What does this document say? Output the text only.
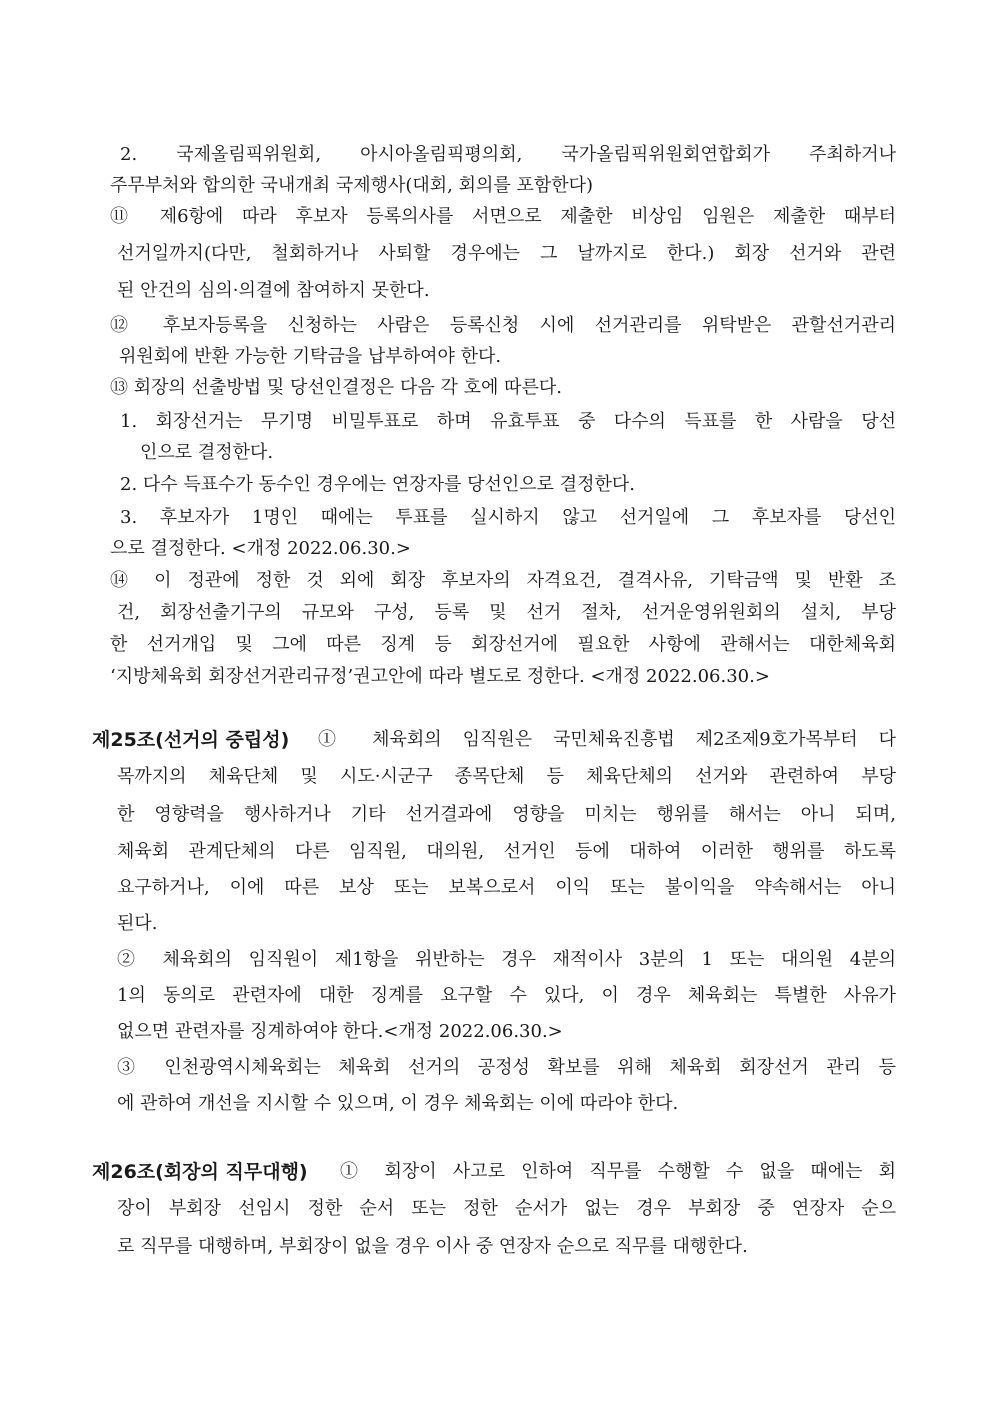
2. 국제올림픽위원회, 아시아올림픽평의회, 국가올림픽위원회연합회가 주최하거나
주무부처와 합의한 국내개최 국제행사(대회, 회의를 포함한다)
⑪ 제6항에 따라 후보자 등록의사를 서면으로 제출한 비상임 임원은 제출한 때부터
선거일까지(다만, 철회하거나 사퇴할 경우에는 그 날까지로 한다.) 회장 선거와 관련
된 안건의 심의·의결에 참여하지 못한다.
⑫ 후보자등록을 신청하는 사람은 등록신청 시에 선거관리를 위탁받은 관할선거관리
위원회에 반환 가능한 기탁금을 납부하여야 한다.
⑬ 회장의 선출방법 및 당선인결정은 다음 각 호에 따른다.
1. 회장선거는 무기명 비밀투표로 하며 유효투표 중 다수의 득표를 한 사람을 당선
인으로 결정한다.
2. 다수 득표수가 동수인 경우에는 연장자를 당선인으로 결정한다.
3. 후보자가 1명인 때에는 투표를 실시하지 않고 선거일에 그 후보자를 당선인
으로 결정한다. <개정 2022.06.30.>
⑭ 이 정관에 정한 것 외에 회장 후보자의 자격요건, 결격사유, 기탁금액 및 반환 조
건, 회장선출기구의 규모와 구성, 등록 및 선거 절차, 선거운영위원회의 설치, 부당
한 선거개입 및 그에 따른 징계 등 회장선거에 필요한 사항에 관해서는 대한체육회
‘지방체육회 회장선거관리규정’권고안에 따라 별도로 정한다. <개정 2022.06.30.>
제25조(선거의 중립성) ① 체육회의 임직원은 국민체육진흥법 제2조제9호가목부터 다
목까지의 체육단체 및 시도·시군구 종목단체 등 체육단체의 선거와 관련하여 부당
한 영향력을 행사하거나 기타 선거결과에 영향을 미치는 행위를 해서는 아니 되며,
체육회 관계단체의 다른 임직원, 대의원, 선거인 등에 대하여 이러한 행위를 하도록
요구하거나, 이에 따른 보상 또는 보복으로서 이익 또는 불이익을 약속해서는 아니
된다.
② 체육회의 임직원이 제1항을 위반하는 경우 재적이사 3분의 1 또는 대의원 4분의
1의 동의로 관련자에 대한 징계를 요구할 수 있다, 이 경우 체육회는 특별한 사유가
없으면 관련자를 징계하여야 한다.<개정 2022.06.30.>
③ 인천광역시체육회는 체육회 선거의 공정성 확보를 위해 체육회 회장선거 관리 등
에 관하여 개선을 지시할 수 있으며, 이 경우 체육회는 이에 따라야 한다.
제26조(회장의 직무대행) ① 회장이 사고로 인하여 직무를 수행할 수 없을 때에는 회
장이 부회장 선임시 정한 순서 또는 정한 순서가 없는 경우 부회장 중 연장자 순으
로 직무를 대행하며, 부회장이 없을 경우 이사 중 연장자 순으로 직무를 대행한다.
